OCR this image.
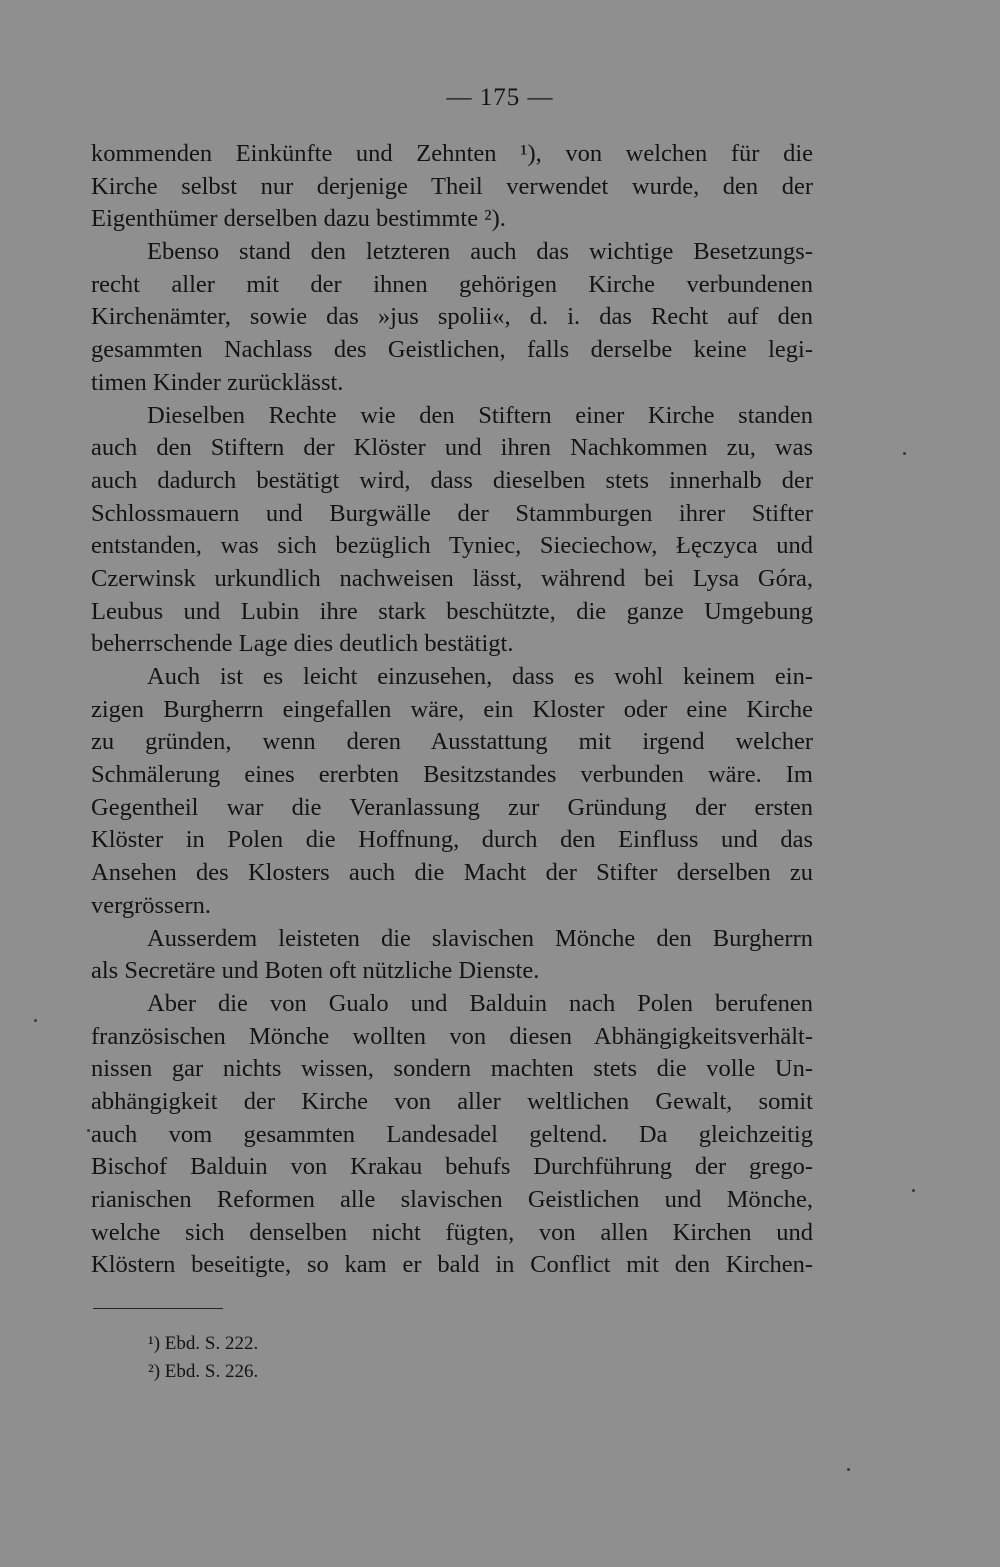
— 175 —
kommenden Einkünfte und Zehnten ¹), von welchen für die
Kirche selbst nur derjenige Theil verwendet wurde, den der
Eigenthümer derselben dazu bestimmte ²).
Ebenso stand den letzteren auch das wichtige Besetzungs-
recht aller mit der ihnen gehörigen Kirche verbundenen
Kirchenämter, sowie das »jus spolii«, d. i. das Recht auf den
gesammten Nachlass des Geistlichen, falls derselbe keine legi-
timen Kinder zurücklässt.
Dieselben Rechte wie den Stiftern einer Kirche standen
auch den Stiftern der Klöster und ihren Nachkommen zu, was
auch dadurch bestätigt wird, dass dieselben stets innerhalb der
Schlossmauern und Burgwälle der Stammburgen ihrer Stifter
entstanden, was sich bezüglich Tyniec, Sieciechow, Łęczyca und
Czerwinsk urkundlich nachweisen lässt, während bei Lysa Góra,
Leubus und Lubin ihre stark beschützte, die ganze Umgebung
beherrschende Lage dies deutlich bestätigt.
Auch ist es leicht einzusehen, dass es wohl keinem ein-
zigen Burgherrn eingefallen wäre, ein Kloster oder eine Kirche
zu gründen, wenn deren Ausstattung mit irgend welcher
Schmälerung eines ererbten Besitzstandes verbunden wäre. Im
Gegentheil war die Veranlassung zur Gründung der ersten
Klöster in Polen die Hoffnung, durch den Einfluss und das
Ansehen des Klosters auch die Macht der Stifter derselben zu
vergrössern.
Ausserdem leisteten die slavischen Mönche den Burgherrn
als Secretäre und Boten oft nützliche Dienste.
Aber die von Gualo und Balduin nach Polen berufenen
französischen Mönche wollten von diesen Abhängigkeitsverhält-
nissen gar nichts wissen, sondern machten stets die volle Un-
abhängigkeit der Kirche von aller weltlichen Gewalt, somit
auch vom gesammten Landesadel geltend. Da gleichzeitig
Bischof Balduin von Krakau behufs Durchführung der grego-
rianischen Reformen alle slavischen Geistlichen und Mönche,
welche sich denselben nicht fügten, von allen Kirchen und
Klöstern beseitigte, so kam er bald in Conflict mit den Kirchen-
¹) Ebd. S. 222.
²) Ebd. S. 226.
